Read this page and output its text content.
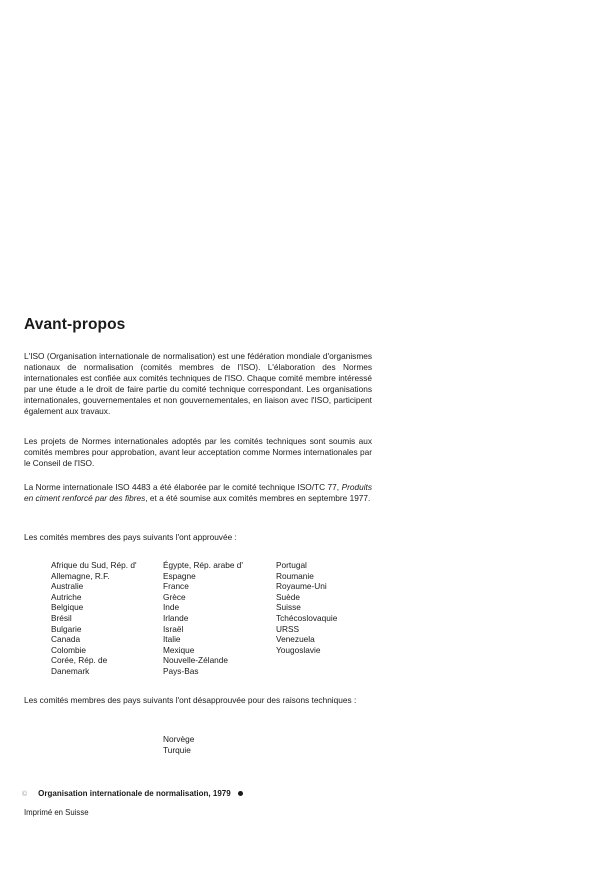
Avant-propos

L'ISO (Organisation internationale de normalisation) est une fédération mondiale d'organismes nationaux de normalisation (comités membres de l'ISO). L'élaboration des Normes internationales est confiée aux comités techniques de l'ISO. Chaque comité membre intéressé par une étude a le droit de faire partie du comité technique correspondant. Les organisations internationales, gouvernementales et non gouvernementales, en liaison avec l'ISO, participent également aux travaux.

Les projets de Normes internationales adoptés par les comités techniques sont soumis aux comités membres pour approbation, avant leur acceptation comme Normes internationales par le Conseil de l'ISO.

La Norme internationale ISO 4483 a été élaborée par le comité technique ISO/TC 77, Produits en ciment renforcé par des fibres, et a été soumise aux comités membres en septembre 1977.

Les comités membres des pays suivants l'ont approuvée :

Afrique du Sud, Rép. d'
Allemagne, R.F.
Australie
Autriche
Belgique
Brésil
Bulgarie
Canada
Colombie
Corée, Rép. de
Danemark
Égypte, Rép. arabe d'
Espagne
France
Grèce
Inde
Irlande
Israël
Italie
Mexique
Nouvelle-Zélande
Pays-Bas
Portugal
Roumanie
Royaume-Uni
Suède
Suisse
Tchécoslovaquie
URSS
Venezuela
Yougoslavie

Les comités membres des pays suivants l'ont désapprouvée pour des raisons techniques :

Norvège
Turquie
© Organisation internationale de normalisation, 1979
Imprimé en Suisse
